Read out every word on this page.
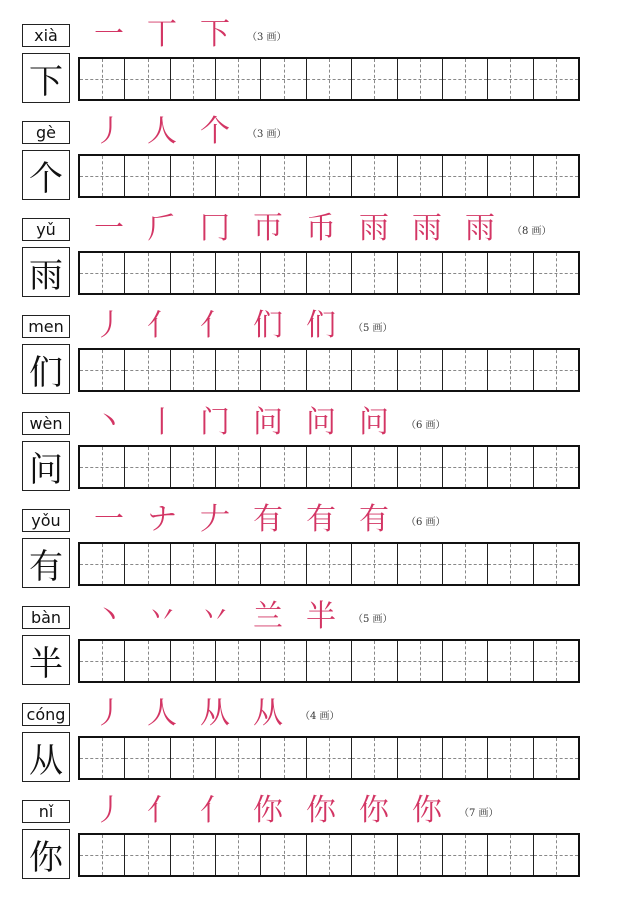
xià
下
一 丅 下	（3 画）
gè
个
丿 人 个	（3 画）
yǔ
雨
一 𠂆 冂 帀 币 雨 雨 雨	（8 画）
men
们
丿 亻 亻 们 们	（5 画）
wèn
问
丶 丨 门 问 问 问	（6 画）
yǒu
有
一 ナ 𠂇 有 有 有	（6 画）
bàn
半
丶 丷 丷 兰 半	（5 画）
cóng
从
丿 人 从 从	（4 画）
nǐ
你
丿 亻 亻 你 你 你 你	（7 画）
